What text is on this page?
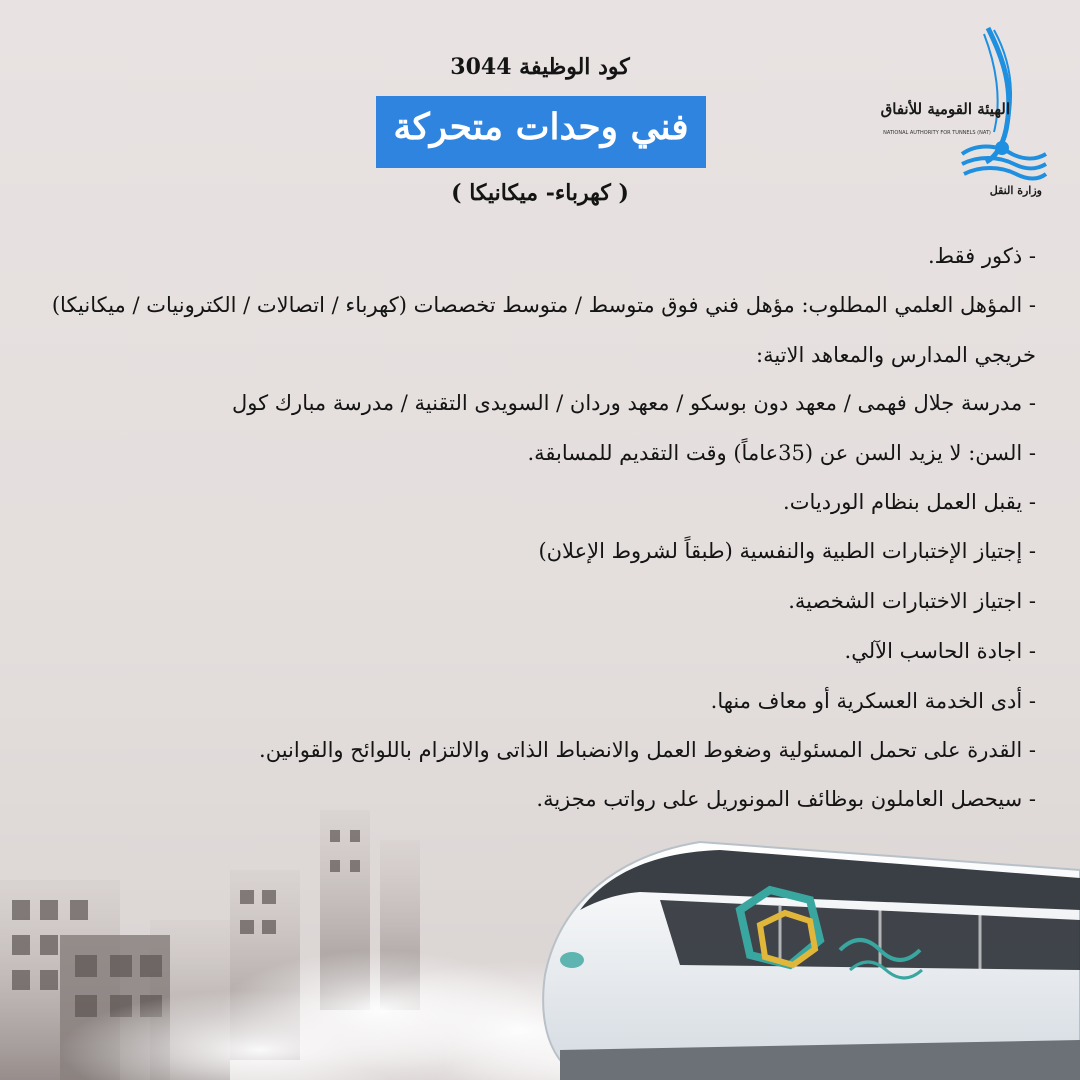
الهيئة القومية للأنفاق
NATIONAL AUTHORITY FOR TUNNELS (NAT)
وزارة النقل
كود الوظيفة 3044
فني وحدات متحركة
( كهرباء- ميكانيكا )
- ذكور فقط.
- المؤهل العلمي المطلوب: مؤهل فني فوق متوسط / متوسط تخصصات (كهرباء / اتصالات / الكترونيات / ميكانيكا)
خريجي المدارس والمعاهد الاتية:
- مدرسة جلال فهمى / معهد دون بوسكو / معهد وردان / السويدى التقنية / مدرسة مبارك كول
- السن: لا يزيد السن عن (35عاماً) وقت التقديم للمسابقة.
- يقبل العمل بنظام الورديات.
- إجتياز الإختبارات الطبية والنفسية (طبقاً لشروط الإعلان)
- اجتياز الاختبارات الشخصية.
- اجادة الحاسب الآلي.
- أدى الخدمة العسكرية أو معاف منها.
- القدرة على تحمل المسئولية وضغوط العمل والانضباط الذاتى والالتزام باللوائح والقوانين.
- سيحصل العاملون بوظائف المونوريل على رواتب مجزية.
